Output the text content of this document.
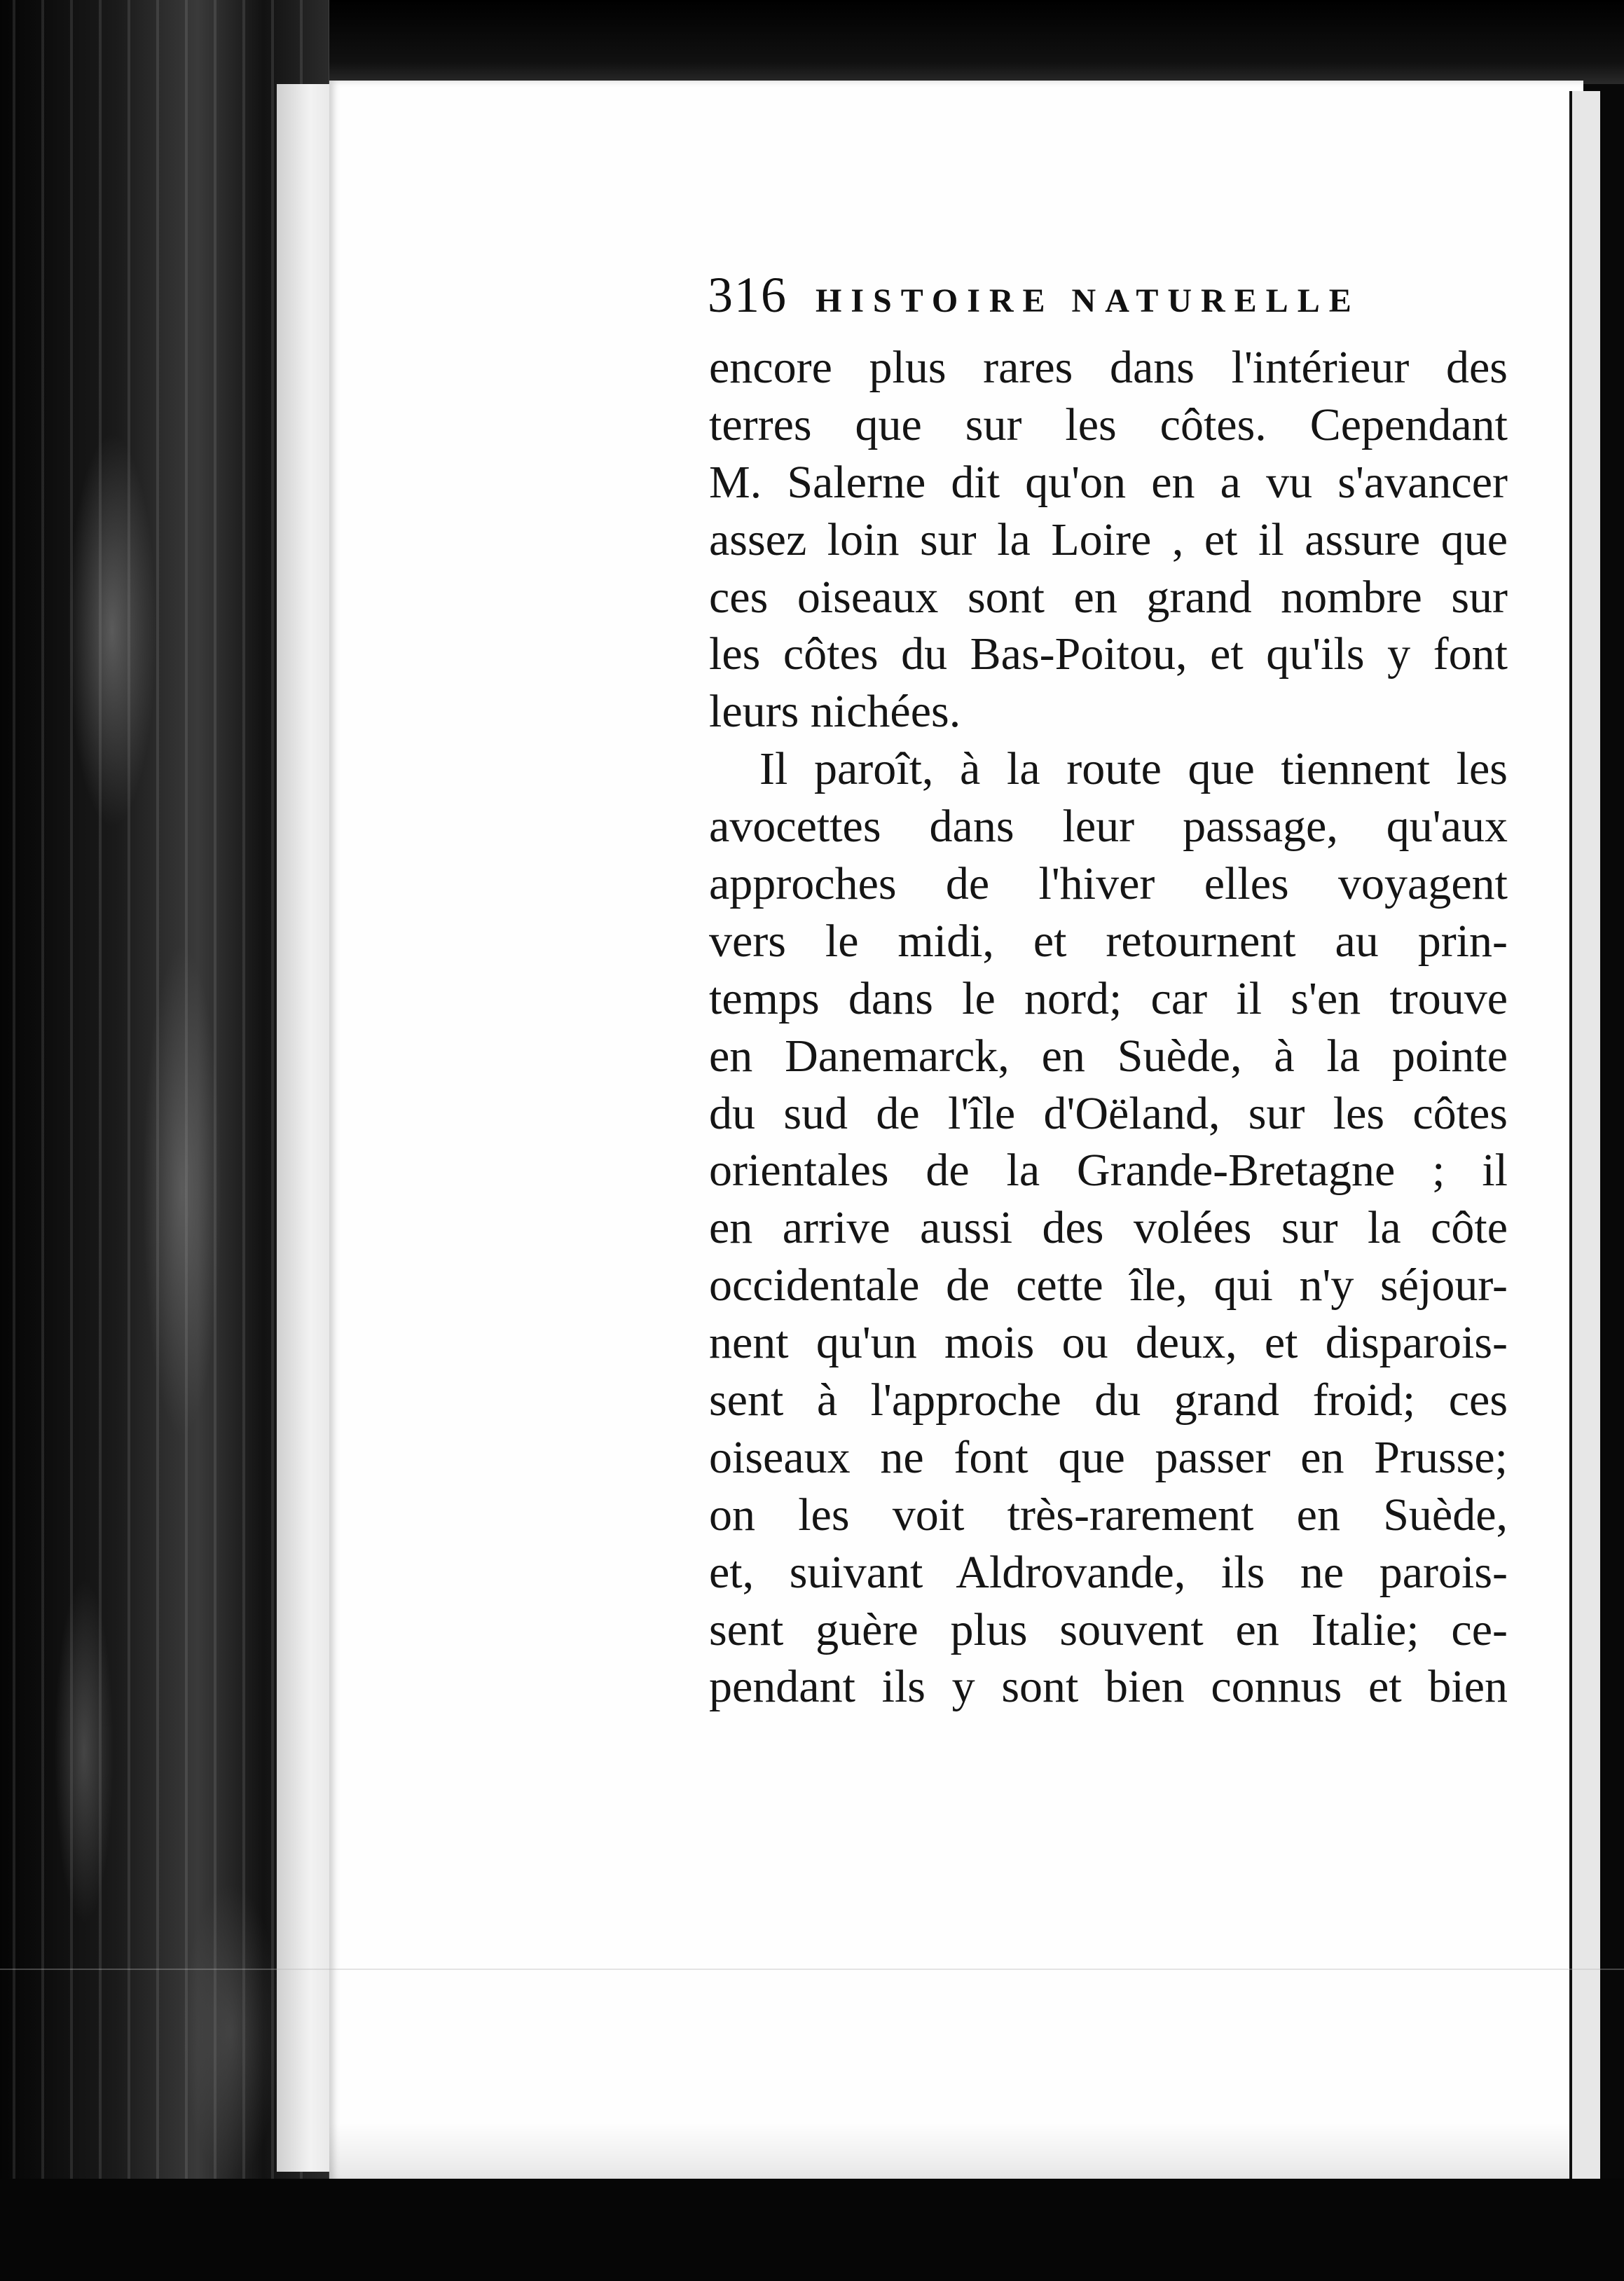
316 HISTOIRE NATURELLE
encore plus rares dans l'intérieur des
terres que sur les côtes. Cependant
M. Salerne dit qu'on en a vu s'avancer
assez loin sur la Loire , et il assure que
ces oiseaux sont en grand nombre sur
les côtes du Bas-Poitou, et qu'ils y font
leurs nichées.
Il paroît, à la route que tiennent les
avocettes dans leur passage, qu'aux
approches de l'hiver elles voyagent
vers le midi, et retournent au prin-
temps dans le nord; car il s'en trouve
en Danemarck, en Suède, à la pointe
du sud de l'île d'Oëland, sur les côtes
orientales de la Grande-Bretagne ; il
en arrive aussi des volées sur la côte
occidentale de cette île, qui n'y séjour-
nent qu'un mois ou deux, et disparois-
sent à l'approche du grand froid; ces
oiseaux ne font que passer en Prusse;
on les voit très-rarement en Suède,
et, suivant Aldrovande, ils ne parois-
sent guère plus souvent en Italie; ce-
pendant ils y sont bien connus et bien
